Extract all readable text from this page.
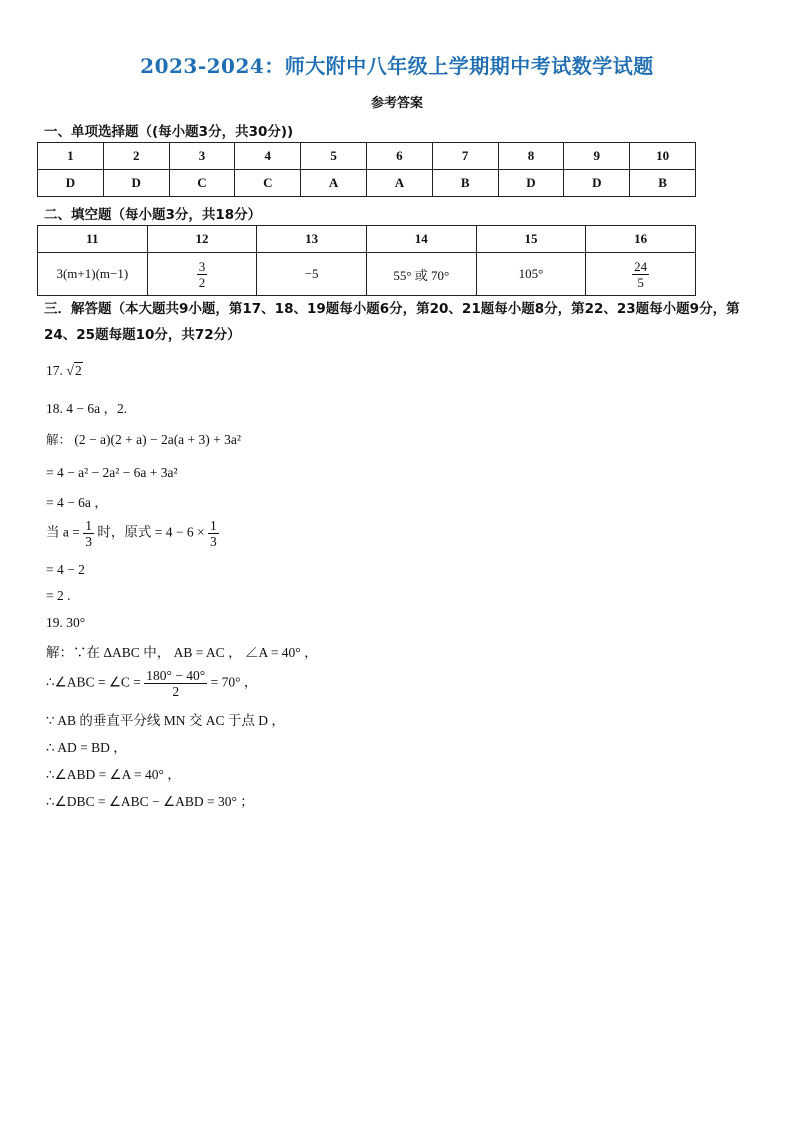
2023-2024：师大附中八年级上学期期中考试数学试题
参考答案
一、单项选择题（(每小题3分，共30分))
1	2	3	4	5	6	7	8	9	10
D	D	C	C	A	A	B	D	D	B
二、填空题（每小题3分，共18分）
11	12	13	14	15	16
3(m+1)(m−1)	$\frac{3}{2}$	−5	55° 或 70°	105°	$\frac{24}{5}$
三．解答题（本大题共9小题，第17、18、19题每小题6分，第20、21题每小题8分，第22、23题每小题9分，第24、25题每题10分，共72分）
17. √2
18. 4 − 6a ，2.
解： (2 − a)(2 + a) − 2a(a + 3) + 3a²
= 4 − a² − 2a² − 6a + 3a²
= 4 − 6a ，
当 $a = \frac{1}{3}$ 时，原式 = $4 - 6 \times \frac{1}{3}$
= 4 − 2
= 2 .
19. 30°
解：∵在 ΔABC 中， AB = AC ， ∠A = 40° ，
∴∠ABC = ∠C = $\frac{180^\circ - 40^\circ}{2} = 70^\circ$ ，
∵ AB 的垂直平分线 MN 交 AC 于点 D ，
∴ AD = BD ，
∴∠ABD = ∠A = 40° ，
∴∠DBC = ∠ABC − ∠ABD = 30° ；
